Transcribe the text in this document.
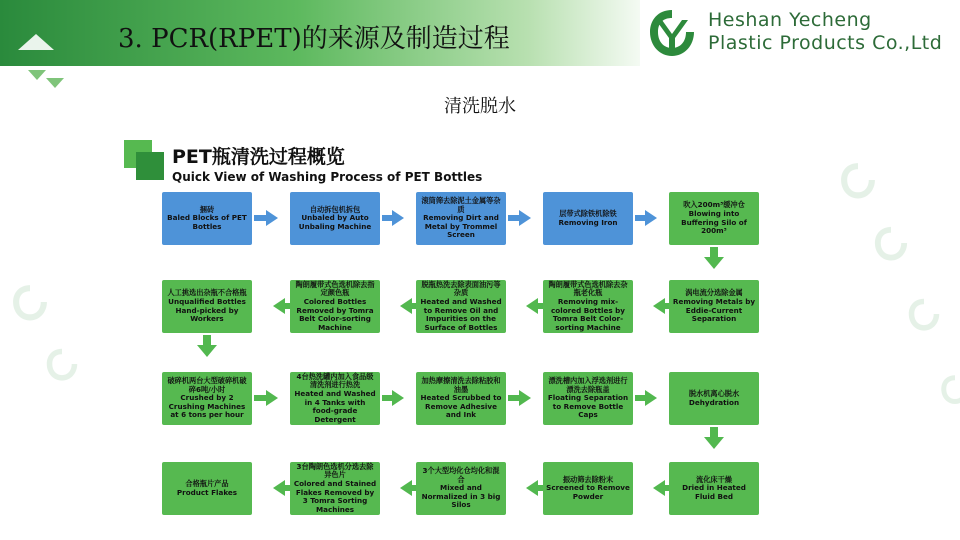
3. PCR(RPET)的来源及制造过程
Heshan Yecheng
Plastic Products Co.,Ltd
清洗脱水
PET瓶清洗过程概览
Quick View of Washing Process of PET Bottles
捆砖
Baled Blocks of PET Bottles
自动拆包机拆包
Unbaled by Auto Unbaling Machine
滚筒筛去除泥土金属等杂质
Removing Dirt and Metal by Trommel Screen
层带式除铁机除铁
Removing Iron
吹入200m³缓冲仓
Blowing into Buffering Silo of 200m³
人工挑选出杂瓶不合格瓶
Unqualified Bottles Hand-picked by Workers
陶朗履带式色选机除去指定颜色瓶
Colored Bottles Removed by Tomra Belt Color-sorting Machine
脱瓶热洗去除表面油污等杂质
Heated and Washed to Remove Oil and Impurities on the Surface of Bottles
陶朗履带式色选机除去杂瓶老化瓶
Removing mix-colored Bottles by Tomra Belt Color-sorting Machine
涡电流分选除金属
Removing Metals by Eddie-Current Separation
破碎机两台大型破碎机破碎6吨/小时
Crushed by 2 Crushing Machines at 6 tons per hour
4台热洗罐内加入食品级清洗剂进行热洗
Heated and Washed in 4 Tanks with food-grade Detergent
加热摩擦清洗去除粘胶和油墨
Heated Scrubbed to Remove Adhesive and Ink
漂洗槽内加入浮选剂进行漂洗去除瓶盖
Floating Separation to Remove Bottle Caps
脱水机离心脱水
Dehydration
合格瓶片产品
Product Flakes
3台陶朗色选机分选去除异色片
Colored and Stained Flakes Removed by 3 Tomra Sorting Machines
3个大型均化仓均化和混合
Mixed and Normalized in 3 big Silos
振动筛去除粉末
Screened to Remove Powder
流化床干燥
Dried in Heated Fluid Bed
